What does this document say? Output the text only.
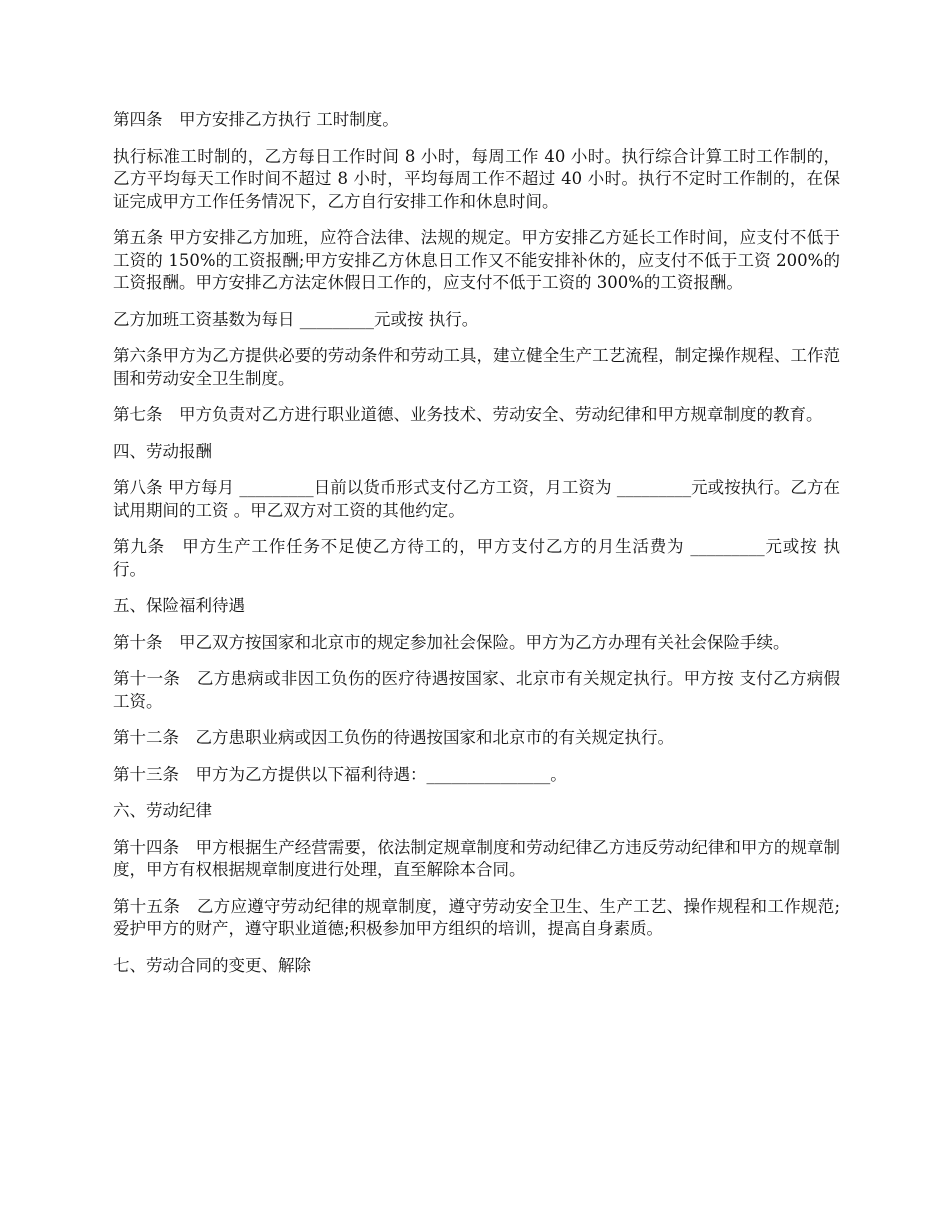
第四条　甲方安排乙方执行 工时制度。

执行标准工时制的，乙方每日工作时间 8 小时，每周工作 40 小时。执行综合计算工时工作制的，乙方平均每天工作时间不超过 8 小时，平均每周工作不超过 40 小时。执行不定时工作制的，在保证完成甲方工作任务情况下，乙方自行安排工作和休息时间。

第五条 甲方安排乙方加班，应符合法律、法规的规定。甲方安排乙方延长工作时间，应支付不低于工资的 150%的工资报酬;甲方安排乙方休息日工作又不能安排补休的，应支付不低于工资 200%的工资报酬。甲方安排乙方法定休假日工作的，应支付不低于工资的 300%的工资报酬。

乙方加班工资基数为每日 _________元或按 执行。

第六条甲方为乙方提供必要的劳动条件和劳动工具，建立健全生产工艺流程，制定操作规程、工作范围和劳动安全卫生制度。

第七条　甲方负责对乙方进行职业道德、业务技术、劳动安全、劳动纪律和甲方规章制度的教育。

四、劳动报酬

第八条 甲方每月 _________日前以货币形式支付乙方工资，月工资为 _________元或按执行。乙方在试用期间的工资 。甲乙双方对工资的其他约定。

第九条　甲方生产工作任务不足使乙方待工的，甲方支付乙方的月生活费为 _________元或按 执行。

五、保险福利待遇

第十条　甲乙双方按国家和北京市的规定参加社会保险。甲方为乙方办理有关社会保险手续。

第十一条　乙方患病或非因工负伤的医疗待遇按国家、北京市有关规定执行。甲方按 支付乙方病假工资。

第十二条　乙方患职业病或因工负伤的待遇按国家和北京市的有关规定执行。

第十三条　甲方为乙方提供以下福利待遇：_______________。

六、劳动纪律

第十四条　甲方根据生产经营需要，依法制定规章制度和劳动纪律乙方违反劳动纪律和甲方的规章制度，甲方有权根据规章制度进行处理，直至解除本合同。

第十五条　乙方应遵守劳动纪律的规章制度，遵守劳动安全卫生、生产工艺、操作规程和工作规范;爱护甲方的财产，遵守职业道德;积极参加甲方组织的培训，提高自身素质。

七、劳动合同的变更、解除
